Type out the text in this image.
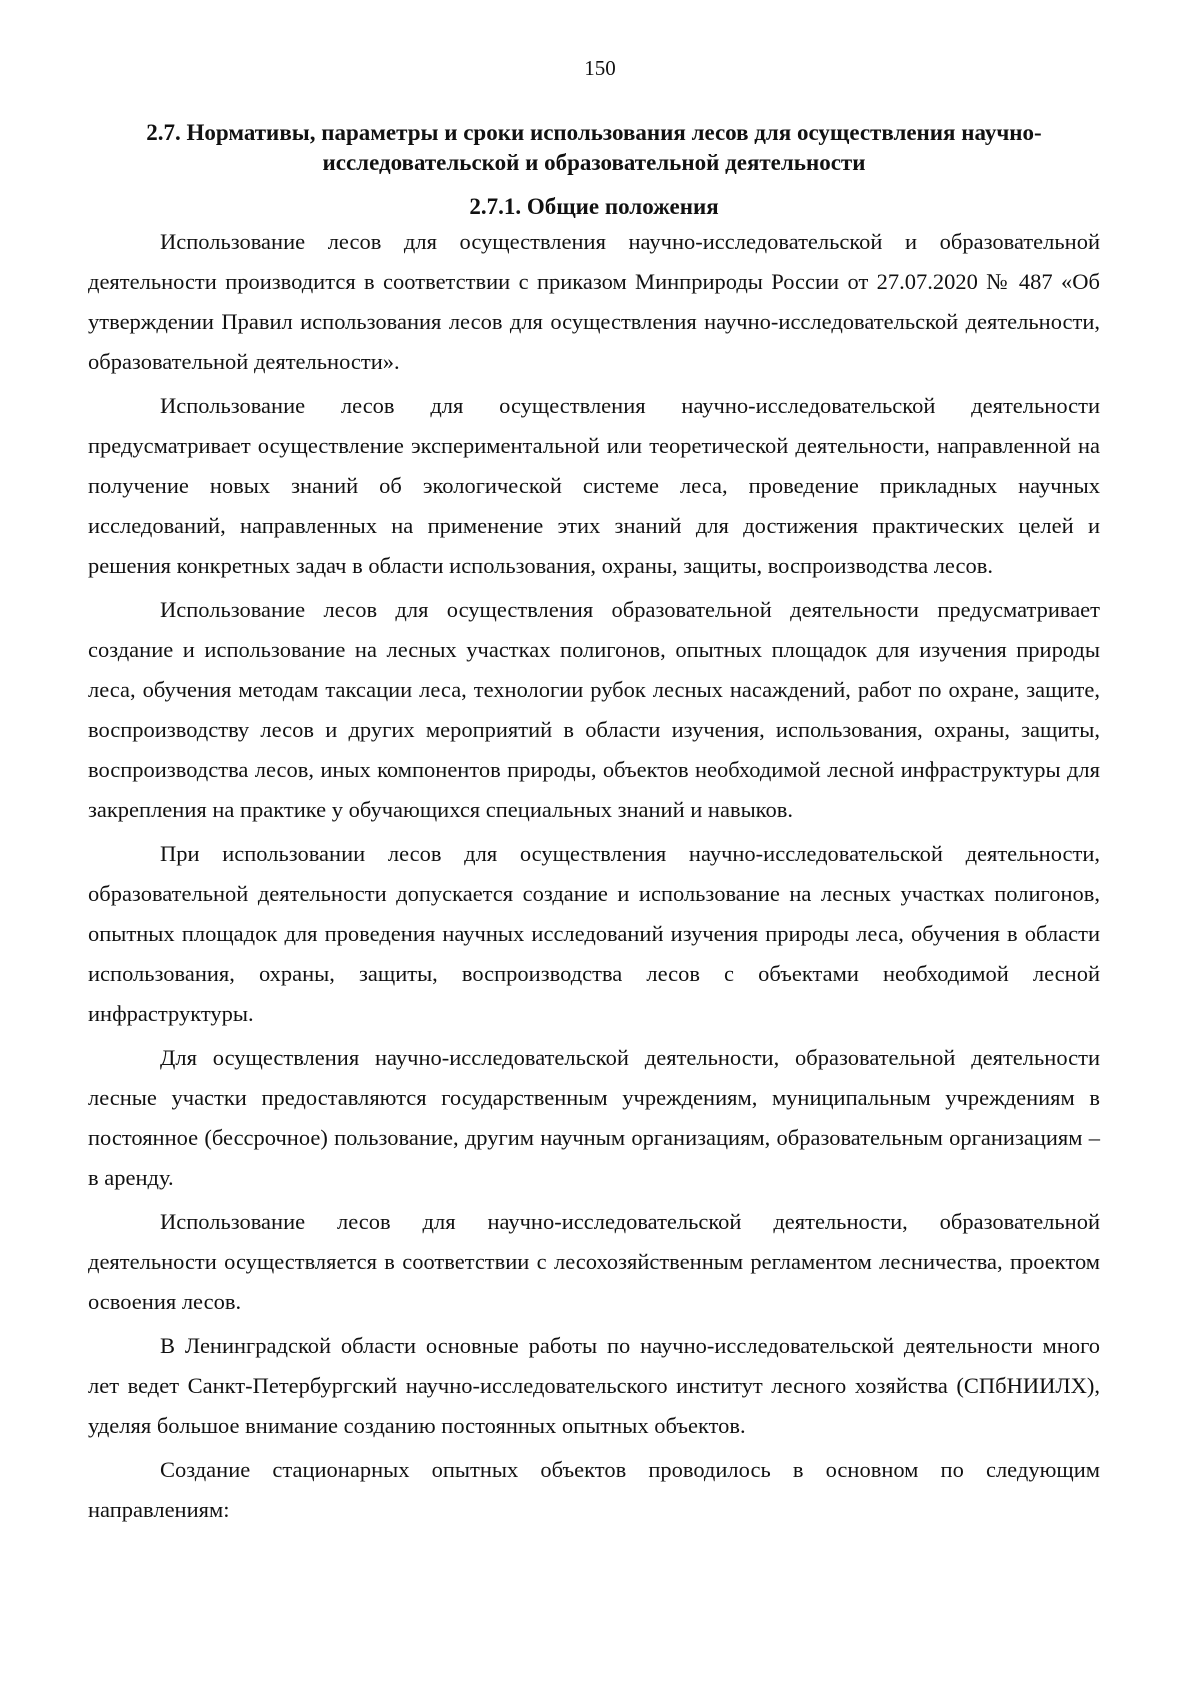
150
2.7. Нормативы, параметры и сроки использования лесов для осуществления научно-исследовательской и образовательной деятельности
2.7.1. Общие положения

Использование лесов для осуществления научно-исследовательской и образовательной деятельности производится в соответствии с приказом Минприроды России от 27.07.2020 № 487 «Об утверждении Правил использования лесов для осуществления научно-исследовательской деятельности, образовательной деятельности».

Использование лесов для осуществления научно-исследовательской деятельности предусматривает осуществление экспериментальной или теоретической деятельности, направленной на получение новых знаний об экологической системе леса, проведение прикладных научных исследований, направленных на применение этих знаний для достижения практических целей и решения конкретных задач в области использования, охраны, защиты, воспроизводства лесов.

Использование лесов для осуществления образовательной деятельности предусматривает создание и использование на лесных участках полигонов, опытных площадок для изучения природы леса, обучения методам таксации леса, технологии рубок лесных насаждений, работ по охране, защите, воспроизводству лесов и других мероприятий в области изучения, использования, охраны, защиты, воспроизводства лесов, иных компонентов природы, объектов необходимой лесной инфраструктуры для закрепления на практике у обучающихся специальных знаний и навыков.

При использовании лесов для осуществления научно-исследовательской деятельности, образовательной деятельности допускается создание и использование на лесных участках полигонов, опытных площадок для проведения научных исследований изучения природы леса, обучения в области использования, охраны, защиты, воспроизводства лесов с объектами необходимой лесной инфраструктуры.

Для осуществления научно-исследовательской деятельности, образовательной деятельности лесные участки предоставляются государственным учреждениям, муниципальным учреждениям в постоянное (бессрочное) пользование, другим научным организациям, образовательным организациям – в аренду.

Использование лесов для научно-исследовательской деятельности, образовательной деятельности осуществляется в соответствии с лесохозяйственным регламентом лесничества, проектом освоения лесов.

В Ленинградской области основные работы по научно-исследовательской деятельности много лет ведет Санкт-Петербургский научно-исследовательского институт лесного хозяйства (СПбНИИЛХ), уделяя большое внимание созданию постоянных опытных объектов.

Создание стационарных опытных объектов проводилось в основном по следующим направлениям:
